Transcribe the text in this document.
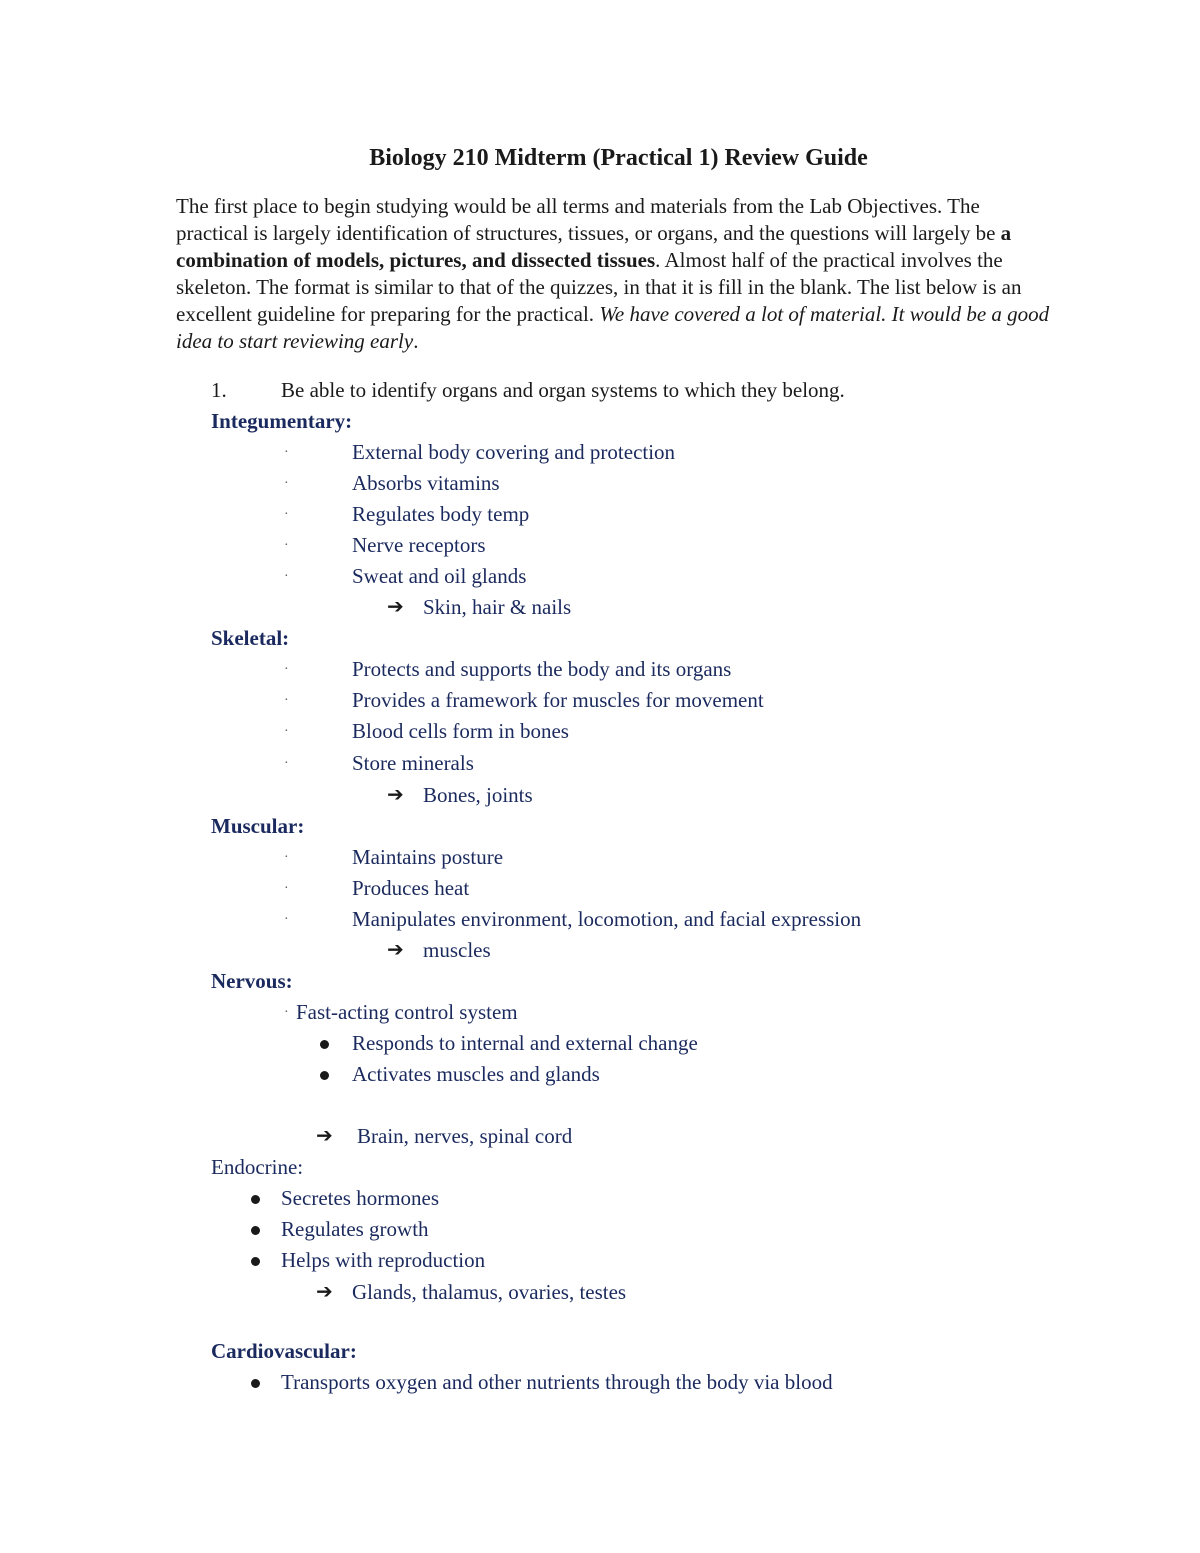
Biology 210 Midterm (Practical 1) Review Guide

The first place to begin studying would be all terms and materials from the Lab Objectives. The practical is largely identification of structures, tissues, or organs, and the questions will largely be a combination of models, pictures, and dissected tissues. Almost half of the practical involves the skeleton. The format is similar to that of the quizzes, in that it is fill in the blank. The list below is an excellent guideline for preparing for the practical. We have covered a lot of material. It would be a good idea to start reviewing early.

1.	Be able to identify organs and organ systems to which they belong.
Integumentary:
·	External body covering and protection
·	Absorbs vitamins
·	Regulates body temp
·	Nerve receptors
·	Sweat and oil glands
➔ Skin, hair & nails
Skeletal:
·	Protects and supports the body and its organs
·	Provides a framework for muscles for movement
·	Blood cells form in bones
·	Store minerals
➔ Bones, joints
Muscular:
·	Maintains posture
·	Produces heat
·	Manipulates environment, locomotion, and facial expression
➔ muscles
Nervous:
· Fast-acting control system
Responds to internal and external change
Activates muscles and glands
➔ Brain, nerves, spinal cord
Endocrine:
Secretes hormones
Regulates growth
Helps with reproduction
➔ Glands, thalamus, ovaries, testes
Cardiovascular:
Transports oxygen and other nutrients through the body via blood
